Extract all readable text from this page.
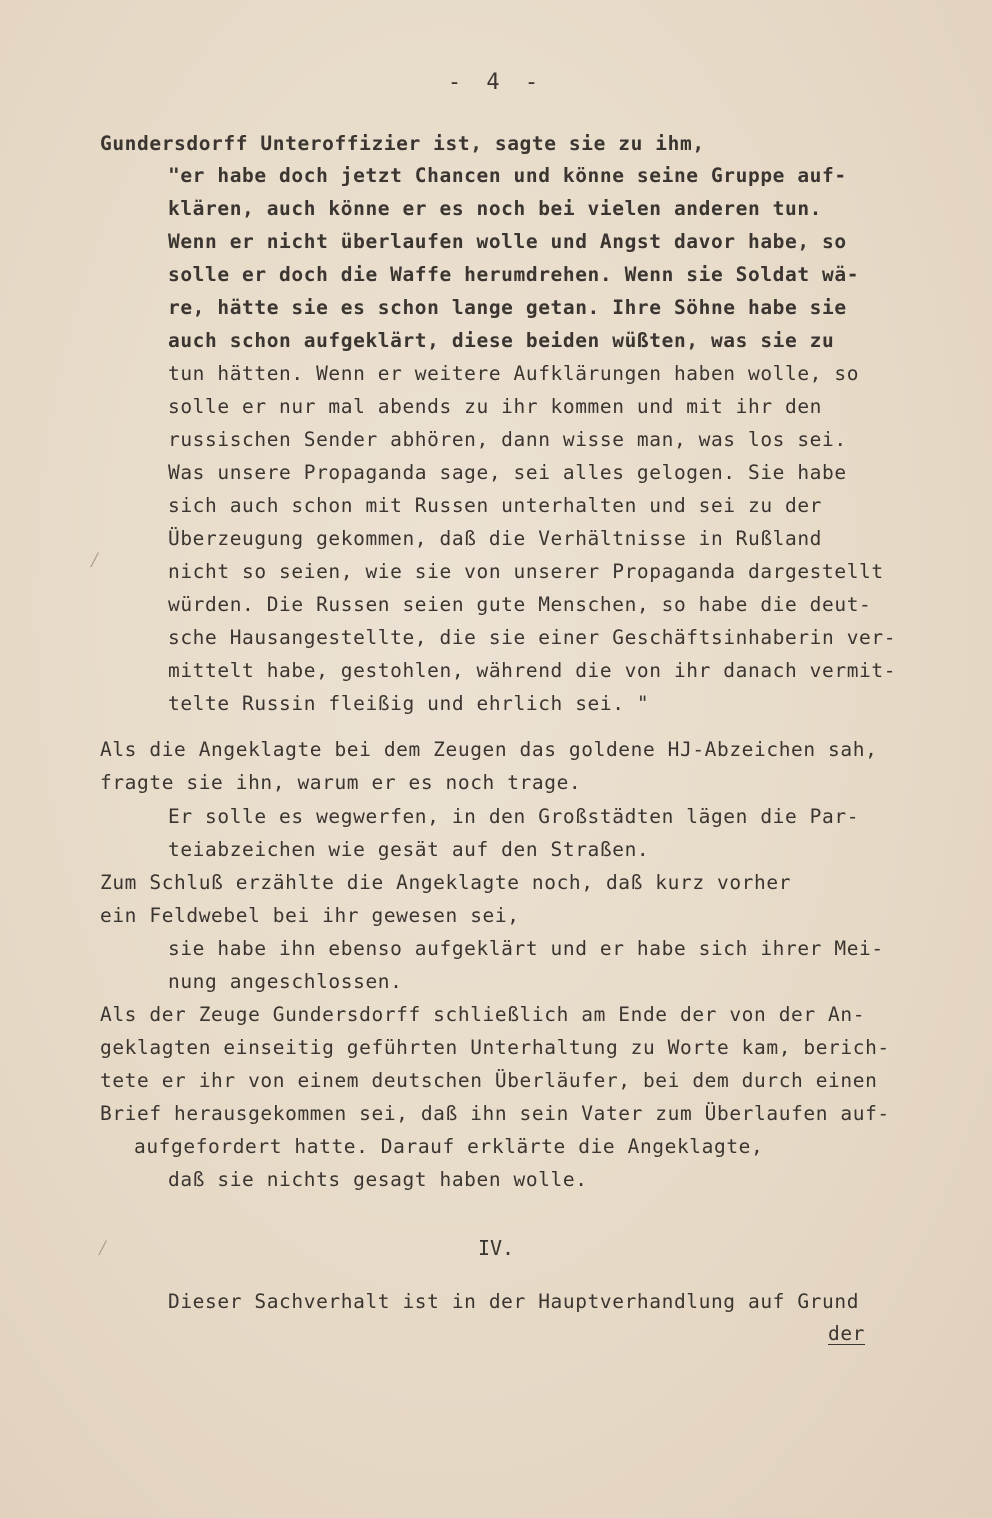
- 4 -
Gundersdorff Unteroffizier ist, sagte sie zu ihm,
"er habe doch jetzt Chancen und könne seine Gruppe auf-
klären, auch könne er es noch bei vielen anderen tun.
Wenn er nicht überlaufen wolle und Angst davor habe, so
solle er doch die Waffe herumdrehen. Wenn sie Soldat wä-
re, hätte sie es schon lange getan. Ihre Söhne habe sie
auch schon aufgeklärt, diese beiden wüßten, was sie zu
tun hätten. Wenn er weitere Aufklärungen haben wolle, so
solle er nur mal abends zu ihr kommen und mit ihr den
russischen Sender abhören, dann wisse man, was los sei.
Was unsere Propaganda sage, sei alles gelogen. Sie habe
sich auch schon mit Russen unterhalten und sei zu der
Überzeugung gekommen, daß die Verhältnisse in Rußland
nicht so seien, wie sie von unserer Propaganda dargestellt
würden. Die Russen seien gute Menschen, so habe die deut-
sche Hausangestellte, die sie einer Geschäftsinhaberin ver-
mittelt habe, gestohlen, während die von ihr danach vermit-
telte Russin fleißig und ehrlich sei. "
Als die Angeklagte bei dem Zeugen das goldene HJ-Abzeichen sah,
fragte sie ihn, warum er es noch trage.
Er solle es wegwerfen, in den Großstädten lägen die Par-
teiabzeichen wie gesät auf den Straßen.
Zum Schluß erzählte die Angeklagte noch, daß kurz vorher
ein Feldwebel bei ihr gewesen sei,
sie habe ihn ebenso aufgeklärt und er habe sich ihrer Mei-
nung angeschlossen.
Als der Zeuge Gundersdorff schließlich am Ende der von der An-
geklagten einseitig geführten Unterhaltung zu Worte kam, berich-
tete er ihr von einem deutschen Überläufer, bei dem durch einen
Brief herausgekommen sei, daß ihn sein Vater zum Überlaufen auf-
aufgefordert hatte. Darauf erklärte die Angeklagte,
daß sie nichts gesagt haben wolle.
IV.
Dieser Sachverhalt ist in der Hauptverhandlung auf Grund
der
⁄
⁄
